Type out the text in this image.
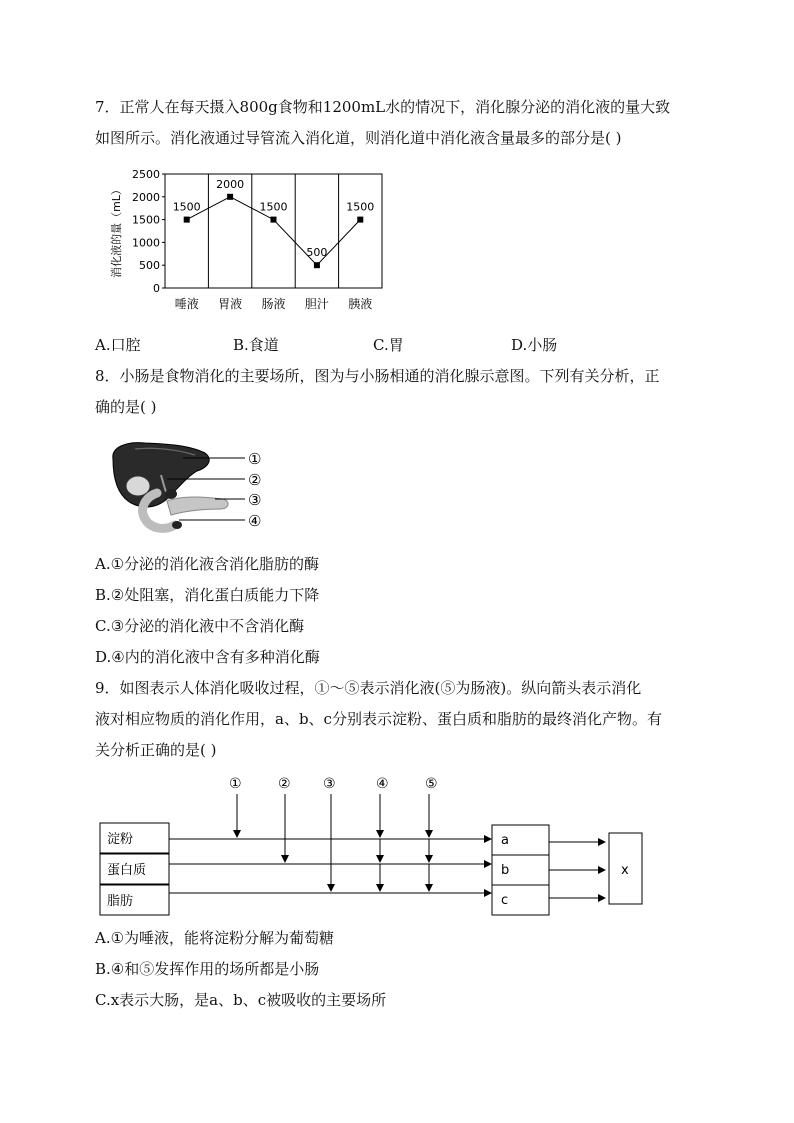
7．正常人在每天摄入800g食物和1200mL水的情况下，消化腺分泌的消化液的量大致
如图所示。消化液通过导管流入消化道，则消化道中消化液含量最多的部分是( )
0
500
1000
1500
2000
2500
消化液的量（mL）	1500
2000
1500
500
1500
唾液 胃液 肠液 胆汁 胰液
A.口腔	B.食道	C.胃	D.小肠
8．小肠是食物消化的主要场所，图为与小肠相通的消化腺示意图。下列有关分析，正
确的是( )
①
②
③
④
A.①分泌的消化液含消化脂肪的酶
B.②处阻塞，消化蛋白质能力下降
C.③分泌的消化液中不含消化酶
D.④内的消化液中含有多种消化酶
9．如图表示人体消化吸收过程，①～⑤表示消化液(⑤为肠液)。纵向箭头表示消化
液对相应物质的消化作用，a、b、c分别表示淀粉、蛋白质和脂肪的最终消化产物。有
关分析正确的是( )
①	② ③	④	⑤
淀粉
蛋白质
脂肪
a
b
c
x
A.①为唾液，能将淀粉分解为葡萄糖
B.④和⑤发挥作用的场所都是小肠
C.x表示大肠，是a、b、c被吸收的主要场所
